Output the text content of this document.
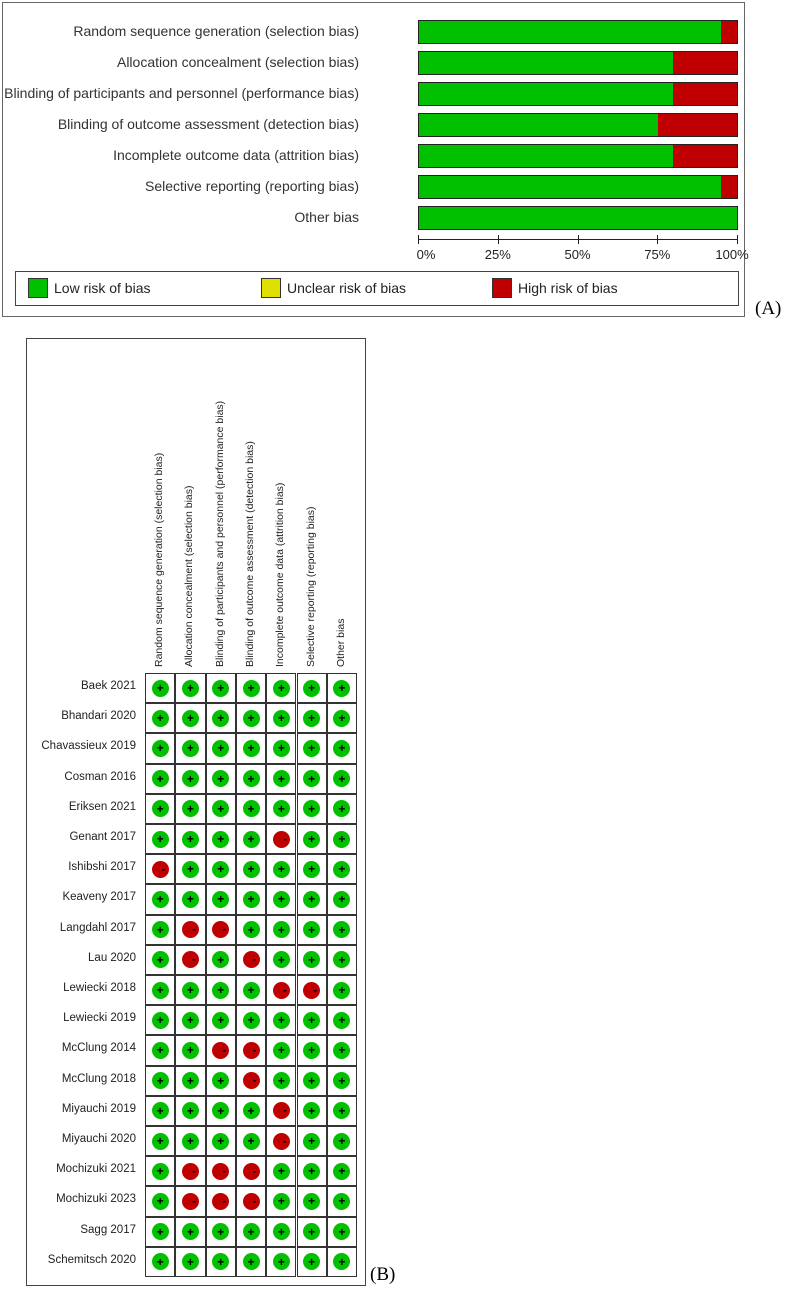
Random sequence generation (selection bias)
Allocation concealment (selection bias)
Blinding of participants and personnel (performance bias)
Blinding of outcome assessment (detection bias)
Incomplete outcome data (attrition bias)
Selective reporting (reporting bias)
Other bias
0%	25%	50%	75%	100%
Low risk of bias	Unclear risk of bias	High risk of bias
(A)
Random sequence generation (selection bias) Allocation concealment (selection bias) Blinding of participants and personnel (performance bias) Blinding of outcome assessment (detection bias) Incomplete outcome data (attrition bias) Selective reporting (reporting bias) Other bias
Baek 2021	+	+	+	+	+	+	+
Bhandari 2020	+	+	+	+	+	+	+
Chavassieux 2019	+	+	+	+	+	+	+
Cosman 2016	+	+	+	+	+	+	+
Eriksen 2021	+	+	+	+	+	+	+
Genant 2017	+	+	+	+	-	+	+
Ishibshi 2017	-	+	+	+	+	+	+
Keaveny 2017	+	+	+	+	+	+	+
Langdahl 2017	+	-	-	+	+	+	+
Lau 2020	+	-	+	-	+	+	+
Lewiecki 2018	+	+	+	+	-	-	+
Lewiecki 2019	+	+	+	+	+	+	+
McClung 2014	+	+	-	-	+	+	+
McClung 2018	+	+	+	-	+	+	+
Miyauchi 2019	+	+	+	+	-	+	+
Miyauchi 2020	+	+	+	+	-	+	+
Mochizuki 2021	+	-	-	-	+	+	+
Mochizuki 2023	+	-	-	-	+	+	+
Sagg 2017	+	+	+	+	+	+	+
Schemitsch 2020	+	+	+	+	+	+	+
(B)
